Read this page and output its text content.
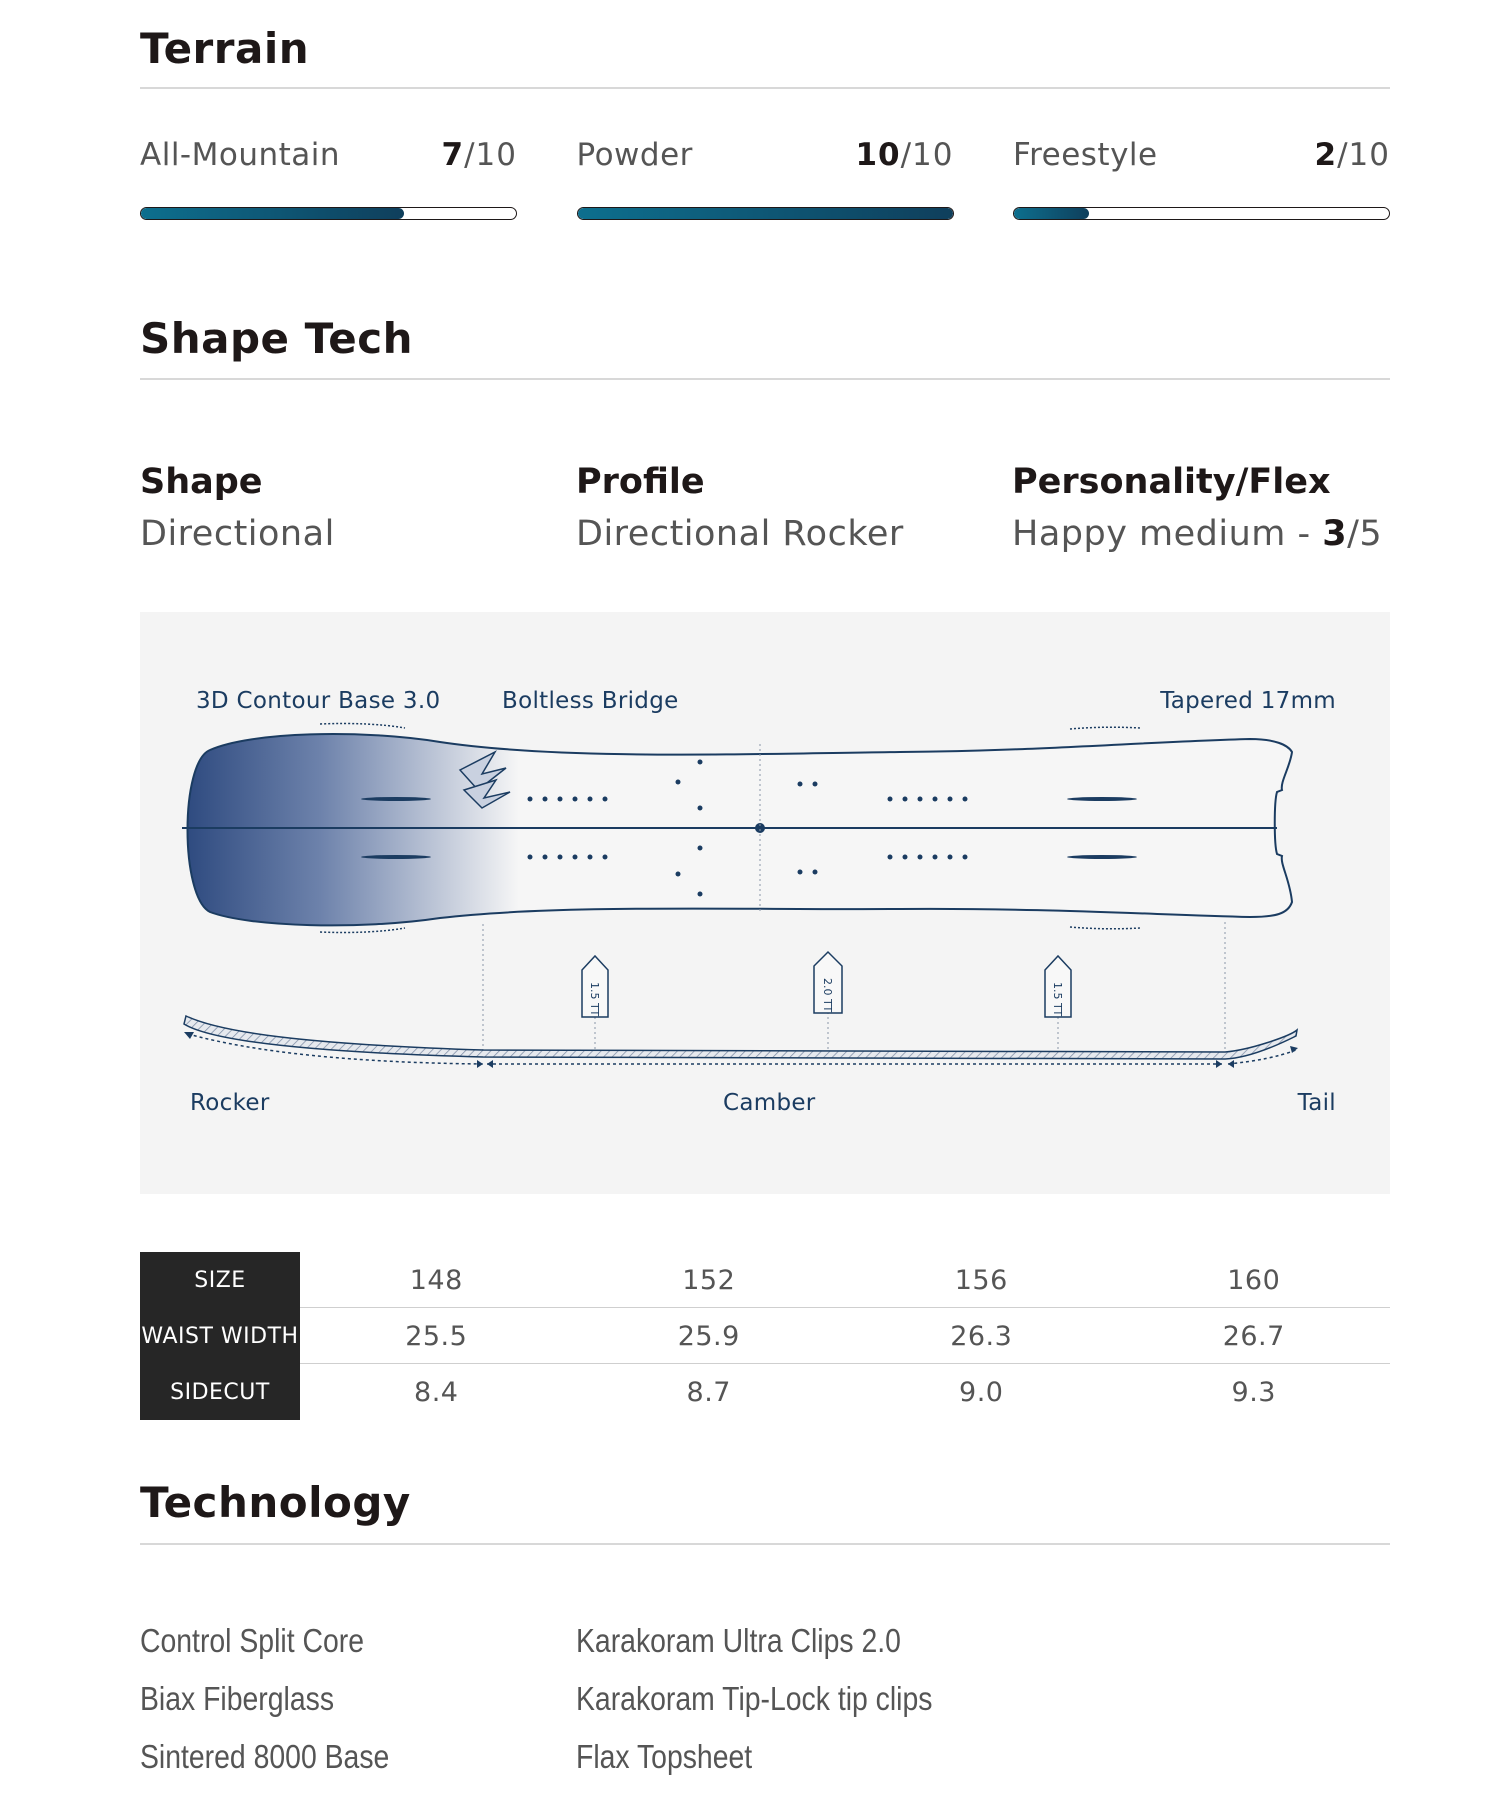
Terrain
All-Mountain	7/10 Powder	10/10 Freestyle	2/10
Shape Tech
Shape
Directional
Profile
Directional Rocker
Personality/Flex
Happy medium - 3/5
3D Contour Base 3.0	Boltless Bridge	Tapered 17mm
Rocker	Camber	Tail
1.5 TT	2.0 TT	1.5 TT
SIZE	148	152	156	160
WAIST WIDTH	25.5	25.9	26.3	26.7
SIDECUT	8.4	8.7	9.0	9.3
Technology
Control Split Core
Biax Fiberglass
Sintered 8000 Base
Karakoram Ultra Clips 2.0
Karakoram Tip-Lock tip clips
Flax Topsheet
